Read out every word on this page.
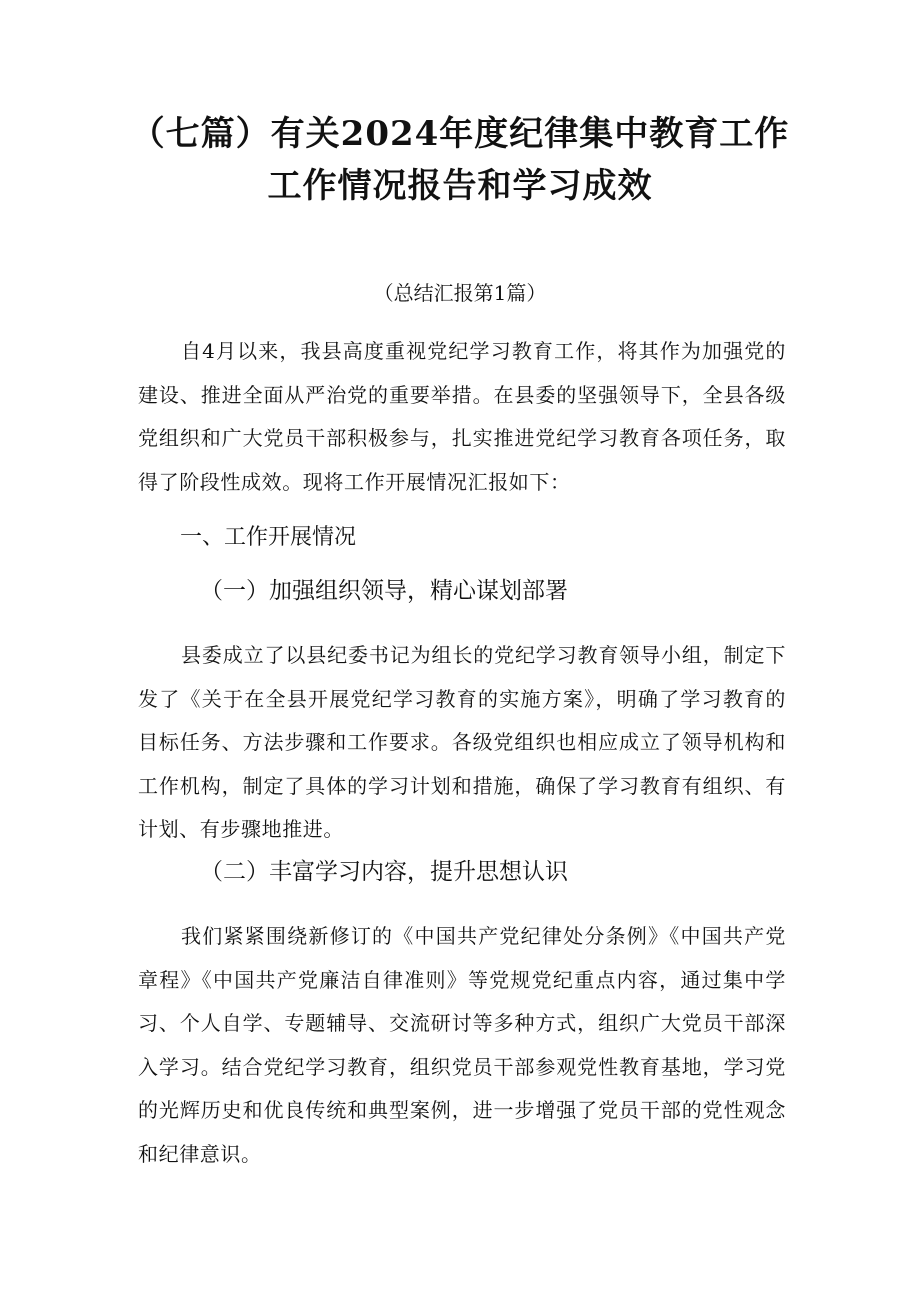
（七篇）有关2024年度纪律集中教育工作
工作情况报告和学习成效
（总结汇报第1篇）

自4月以来，我县高度重视党纪学习教育工作，将其作为加强党的建设、推进全面从严治党的重要举措。在县委的坚强领导下，全县各级党组织和广大党员干部积极参与，扎实推进党纪学习教育各项任务，取得了阶段性成效。现将工作开展情况汇报如下：

一、工作开展情况
（一）加强组织领导，精心谋划部署

县委成立了以县纪委书记为组长的党纪学习教育领导小组，制定下发了《关于在全县开展党纪学习教育的实施方案》，明确了学习教育的目标任务、方法步骤和工作要求。各级党组织也相应成立了领导机构和工作机构，制定了具体的学习计划和措施，确保了学习教育有组织、有计划、有步骤地推进。

（二）丰富学习内容，提升思想认识

我们紧紧围绕新修订的《中国共产党纪律处分条例》《中国共产党章程》《中国共产党廉洁自律准则》等党规党纪重点内容，通过集中学习、个人自学、专题辅导、交流研讨等多种方式，组织广大党员干部深入学习。结合党纪学习教育，组织党员干部参观党性教育基地，学习党的光辉历史和优良传统和典型案例，进一步增强了党员干部的党性观念和纪律意识。
